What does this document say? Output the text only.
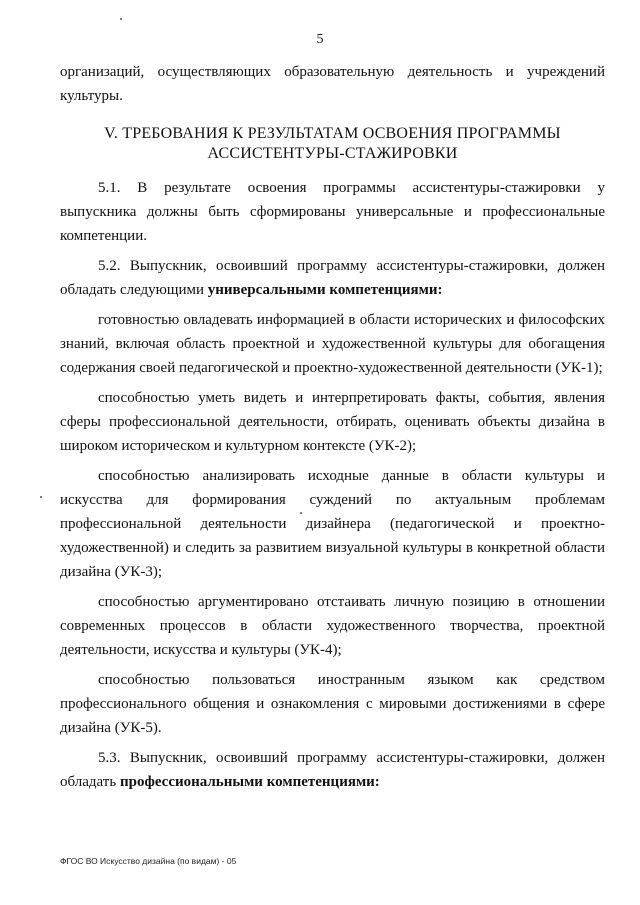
5

организаций, осуществляющих образовательную деятельность и учреждений культуры.

V. ТРЕБОВАНИЯ К РЕЗУЛЬТАТАМ ОСВОЕНИЯ ПРОГРАММЫ
АССИСТЕНТУРЫ-СТАЖИРОВКИ

5.1. В результате освоения программы ассистентуры-стажировки у выпускника должны быть сформированы универсальные и профессиональные компетенции.

5.2. Выпускник, освоивший программу ассистентуры-стажировки, должен обладать следующими универсальными компетенциями:

готовностью овладевать информацией в области исторических и философских знаний, включая область проектной и художественной культуры для обогащения содержания своей педагогической и проектно-художественной деятельности (УК-1);

способностью уметь видеть и интерпретировать факты, события, явления сферы профессиональной деятельности, отбирать, оценивать объекты дизайна в широком историческом и культурном контексте (УК-2);

способностью анализировать исходные данные в области культуры и искусства для формирования суждений по актуальным проблемам профессиональной деятельности дизайнера (педагогической и проектно-художественной) и следить за развитием визуальной культуры в конкретной области дизайна (УК-3);

способностью аргументировано отстаивать личную позицию в отношении современных процессов в области художественного творчества, проектной деятельности, искусства и культуры (УК-4);

способностью пользоваться иностранным языком как средством профессионального общения и ознакомления с мировыми достижениями в сфере дизайна (УК-5).

5.3. Выпускник, освоивший программу ассистентуры-стажировки, должен обладать профессиональными компетенциями:

ФГОС ВО Искусство дизайна (по видам) - 05
